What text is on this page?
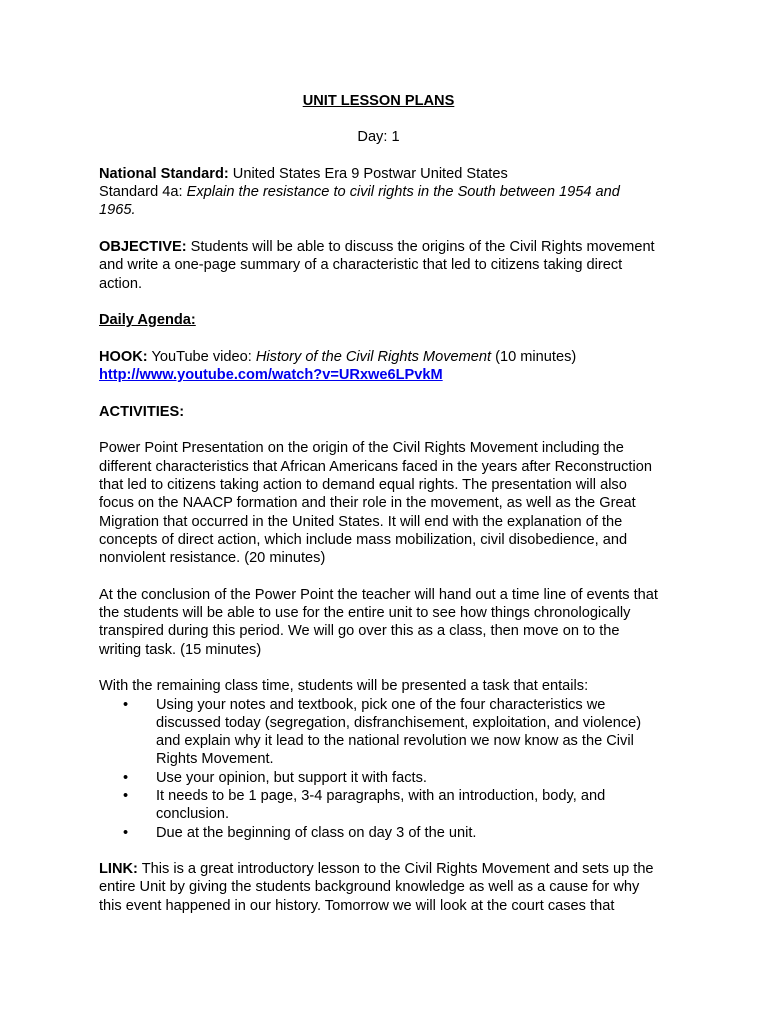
UNIT LESSON PLANS

Day: 1

National Standard: United States Era 9 Postwar United States

Standard 4a: Explain the resistance to civil rights in the South between 1954 and 1965.

OBJECTIVE: Students will be able to discuss the origins of the Civil Rights movement and write a one-page summary of a characteristic that led to citizens taking direct action.

Daily Agenda:

HOOK: YouTube video: History of the Civil Rights Movement (10 minutes)

http://www.youtube.com/watch?v=URxwe6LPvkM

ACTIVITIES:

Power Point Presentation on the origin of the Civil Rights Movement including the different characteristics that African Americans faced in the years after Reconstruction that led to citizens taking action to demand equal rights. The presentation will also focus on the NAACP formation and their role in the movement, as well as the Great Migration that occurred in the United States. It will end with the explanation of the concepts of direct action, which include mass mobilization, civil disobedience, and nonviolent resistance. (20 minutes)

At the conclusion of the Power Point the teacher will hand out a time line of events that the students will be able to use for the entire unit to see how things chronologically transpired during this period. We will go over this as a class, then move on to the writing task. (15 minutes)

With the remaining class time, students will be presented a task that entails:

• Using your notes and textbook, pick one of the four characteristics we discussed today (segregation, disfranchisement, exploitation, and violence) and explain why it lead to the national revolution we now know as the Civil Rights Movement.
• Use your opinion, but support it with facts.
• It needs to be 1 page, 3-4 paragraphs, with an introduction, body, and conclusion.
• Due at the beginning of class on day 3 of the unit.

LINK: This is a great introductory lesson to the Civil Rights Movement and sets up the entire Unit by giving the students background knowledge as well as a cause for why this event happened in our history. Tomorrow we will look at the court cases that
